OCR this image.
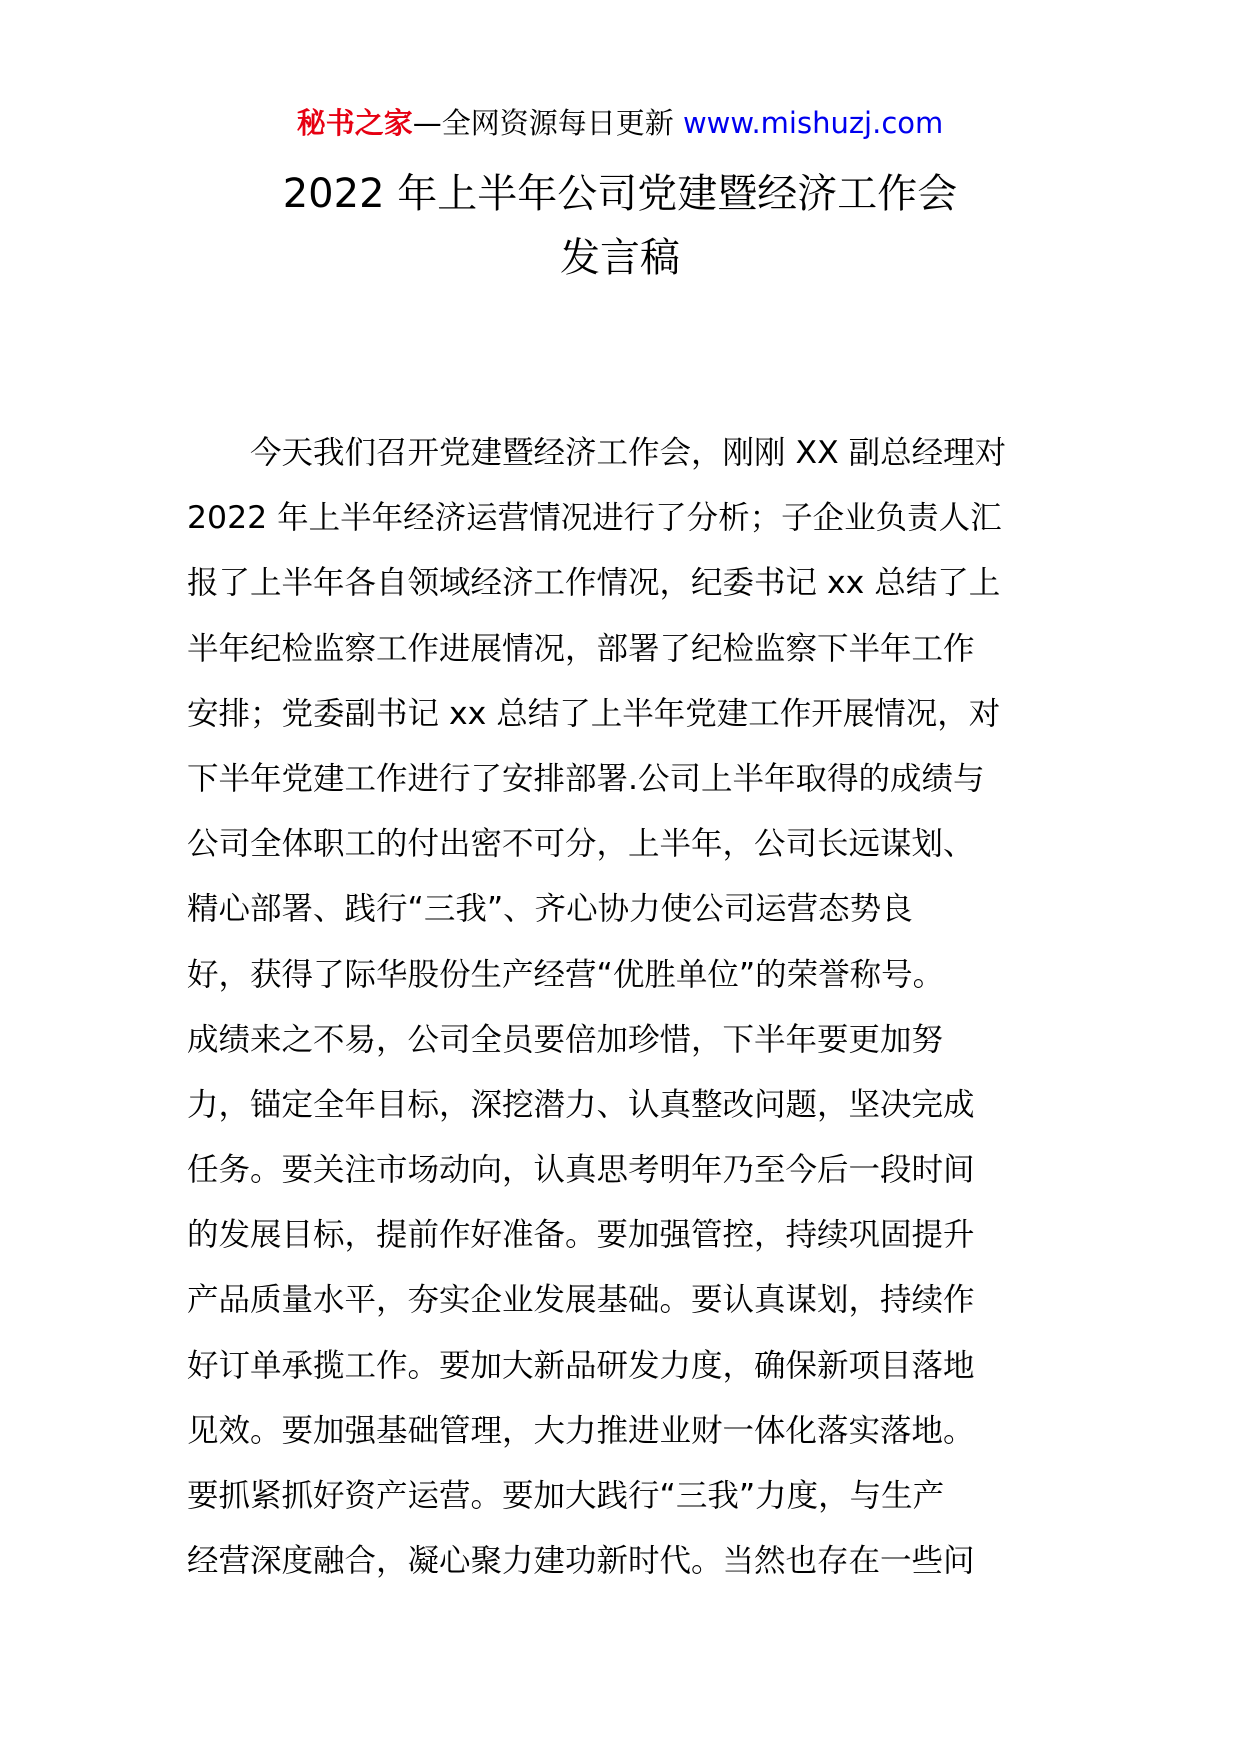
秘书之家—全网资源每日更新 www.mishuzj.com
2022 年上半年公司党建暨经济工作会
发言稿
今天我们召开党建暨经济工作会，刚刚 XX 副总经理对
2022 年上半年经济运营情况进行了分析；子企业负责人汇
报了上半年各自领域经济工作情况，纪委书记 xx 总结了上
半年纪检监察工作进展情况，部署了纪检监察下半年工作
安排；党委副书记 xx 总结了上半年党建工作开展情况，对
下半年党建工作进行了安排部署.公司上半年取得的成绩与
公司全体职工的付出密不可分，上半年，公司长远谋划、
精心部署、践行“三我”、齐心协力使公司运营态势良
好，获得了际华股份生产经营“优胜单位”的荣誉称号。
成绩来之不易，公司全员要倍加珍惜，下半年要更加努
力，锚定全年目标，深挖潜力、认真整改问题，坚决完成
任务。要关注市场动向，认真思考明年乃至今后一段时间
的发展目标，提前作好准备。要加强管控，持续巩固提升
产品质量水平，夯实企业发展基础。要认真谋划，持续作
好订单承揽工作。要加大新品研发力度，确保新项目落地
见效。要加强基础管理，大力推进业财一体化落实落地。
要抓紧抓好资产运营。要加大践行“三我”力度，与生产
经营深度融合，凝心聚力建功新时代。当然也存在一些问
